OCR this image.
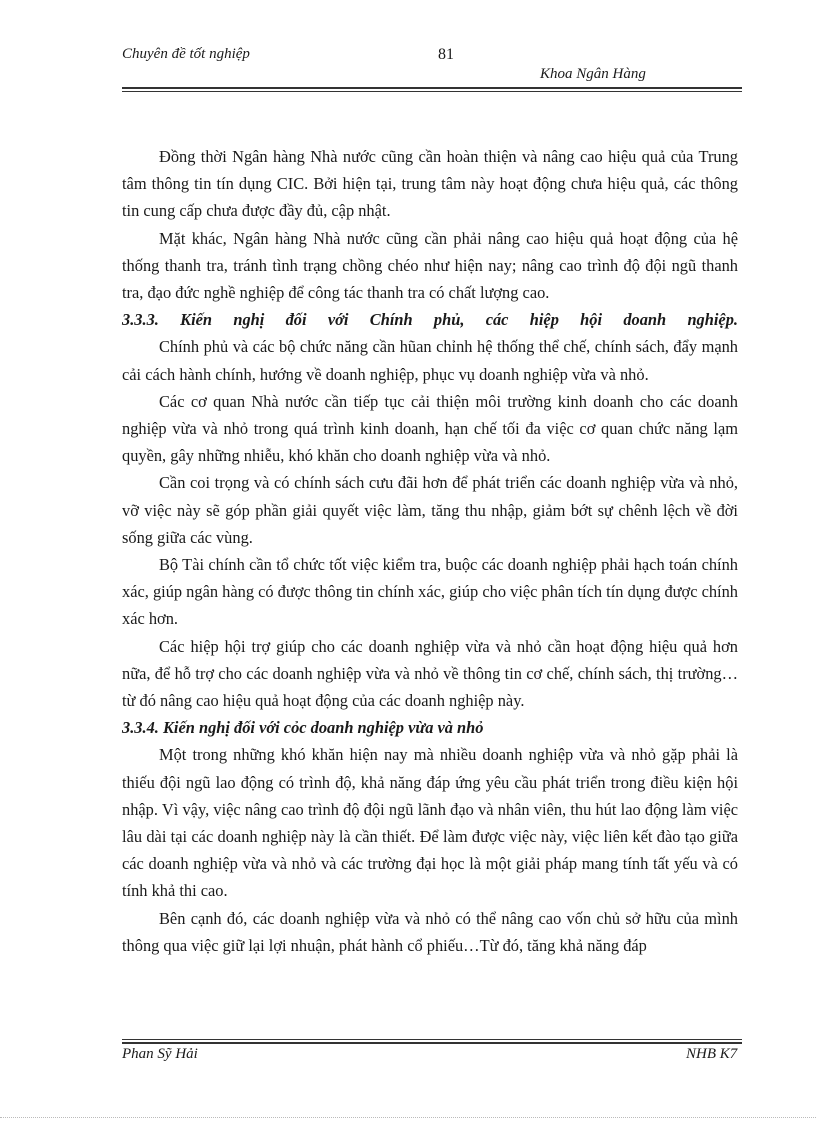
Chuyên đề tốt nghiệp	81
Khoa Ngân Hàng

Đồng thời Ngân hàng Nhà nước cũng cần hoàn thiện và nâng cao hiệu quả của Trung tâm thông tin tín dụng CIC. Bởi hiện tại, trung tâm này hoạt động chưa hiệu quả, các thông tin cung cấp chưa được đầy đủ, cập nhật.

Mặt khác, Ngân hàng Nhà nước cũng cần phải nâng cao hiệu quả hoạt động của hệ thống thanh tra, tránh tình trạng chồng chéo như hiện nay; nâng cao trình độ đội ngũ thanh tra, đạo đức nghề nghiệp để công tác thanh tra có chất lượng cao.

3.3.3. Kiến nghị đối với Chính phủ, các hiệp hội doanh nghiệp.

Chính phủ và các bộ chức năng cần hũan chỉnh hệ thống thể chế, chính sách, đẩy mạnh cải cách hành chính, hướng về doanh nghiệp, phục vụ doanh nghiệp vừa và nhỏ.

Các cơ quan Nhà nước cần tiếp tục cải thiện môi trường kinh doanh cho các doanh nghiệp vừa và nhỏ trong quá trình kinh doanh, hạn chế tối đa việc cơ quan chức năng lạm quyền, gây những nhiễu, khó khăn cho doanh nghiệp vừa và nhỏ.

Cần coi trọng và có chính sách cưu đãi hơn để phát triển các doanh nghiệp vừa và nhỏ, vỡ việc này sẽ góp phần giải quyết việc làm, tăng thu nhập, giảm bớt sự chênh lệch về đời sống giữa các vùng.

Bộ Tài chính cần tổ chức tốt việc kiểm tra, buộc các doanh nghiệp phải hạch toán chính xác, giúp ngân hàng có được thông tin chính xác, giúp cho việc phân tích tín dụng được chính xác hơn.

Các hiệp hội trợ giúp cho các doanh nghiệp vừa và nhỏ cần hoạt động hiệu quả hơn nữa, để hỗ trợ cho các doanh nghiệp vừa và nhỏ về thông tin cơ chế, chính sách, thị trường…từ đó nâng cao hiệu quả hoạt động của các doanh nghiệp này.

3.3.4. Kiến nghị đối với cỏc doanh nghiệp vừa và nhỏ

Một trong những khó khăn hiện nay mà nhiều doanh nghiệp vừa và nhỏ gặp phải là thiếu đội ngũ lao động có trình độ, khả năng đáp ứng yêu cầu phát triển trong điều kiện hội nhập. Vì vậy, việc nâng cao trình độ đội ngũ lãnh đạo và nhân viên, thu hút lao động làm việc lâu dài tại các doanh nghiệp này là cần thiết. Để làm được việc này, việc liên kết đào tạo giữa các doanh nghiệp vừa và nhỏ và các trường đại học là một giải pháp mang tính tất yếu và có tính khả thi cao.

Bên cạnh đó, các doanh nghiệp vừa và nhỏ có thể nâng cao vốn chủ sở hữu của mình thông qua việc giữ lại lợi nhuận, phát hành cổ phiếu…Từ đó, tăng khả năng đáp

Phan Sỹ Hải	NHB K7
